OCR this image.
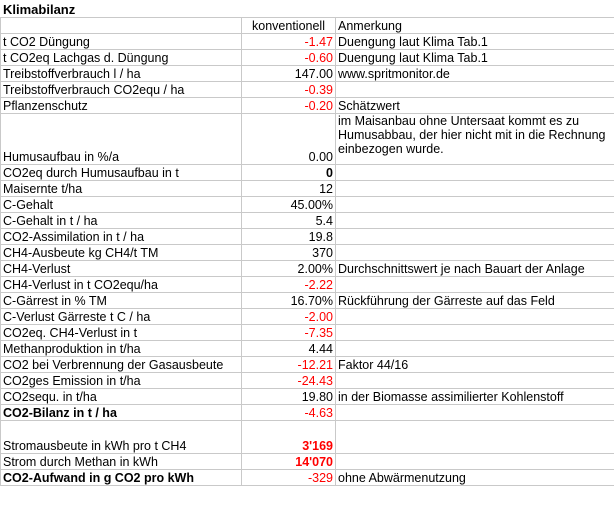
Klimabilanz		
	konventionell	Anmerkung
t CO2 Düngung	-1.47	Duengung laut Klima Tab.1
t CO2eq Lachgas d. Düngung	-0.60	Duengung laut Klima Tab.1
Treibstoffverbrauch l / ha	147.00	www.spritmonitor.de
Treibstoffverbrauch CO2equ / ha	-0.39	
Pflanzenschutz	-0.20	Schätzwert
Humusaufbau in %/a	0.00	im Maisanbau ohne Untersaat kommt es zu Humusabbau, der hier nicht mit in die Rechnung einbezogen wurde.
CO2eq durch Humusaufbau in t	0	
Maisernte t/ha	12	
C-Gehalt	45.00%	
C-Gehalt in t / ha	5.4	
CO2-Assimilation in t / ha	19.8	
CH4-Ausbeute kg CH4/t TM	370	
CH4-Verlust	2.00%	Durchschnittswert je nach Bauart der Anlage
CH4-Verlust in t CO2equ/ha	-2.22	
C-Gärrest in % TM	16.70%	Rückführung der Gärreste auf das Feld
C-Verlust Gärreste t C / ha	-2.00	
CO2eq. CH4-Verlust in t	-7.35	
Methanproduktion in t/ha	4.44	
CO2 bei Verbrennung der Gasausbeute	-12.21	Faktor 44/16
CO2ges Emission in t/ha	-24.43	
CO2sequ. in t/ha	19.80	in der Biomasse assimilierter Kohlenstoff
CO2-Bilanz in t / ha	-4.63	
Stromausbeute in kWh pro t CH4	3'169	
Strom durch Methan in kWh	14'070	
CO2-Aufwand in g CO2 pro kWh	-329	ohne Abwärmenutzung
